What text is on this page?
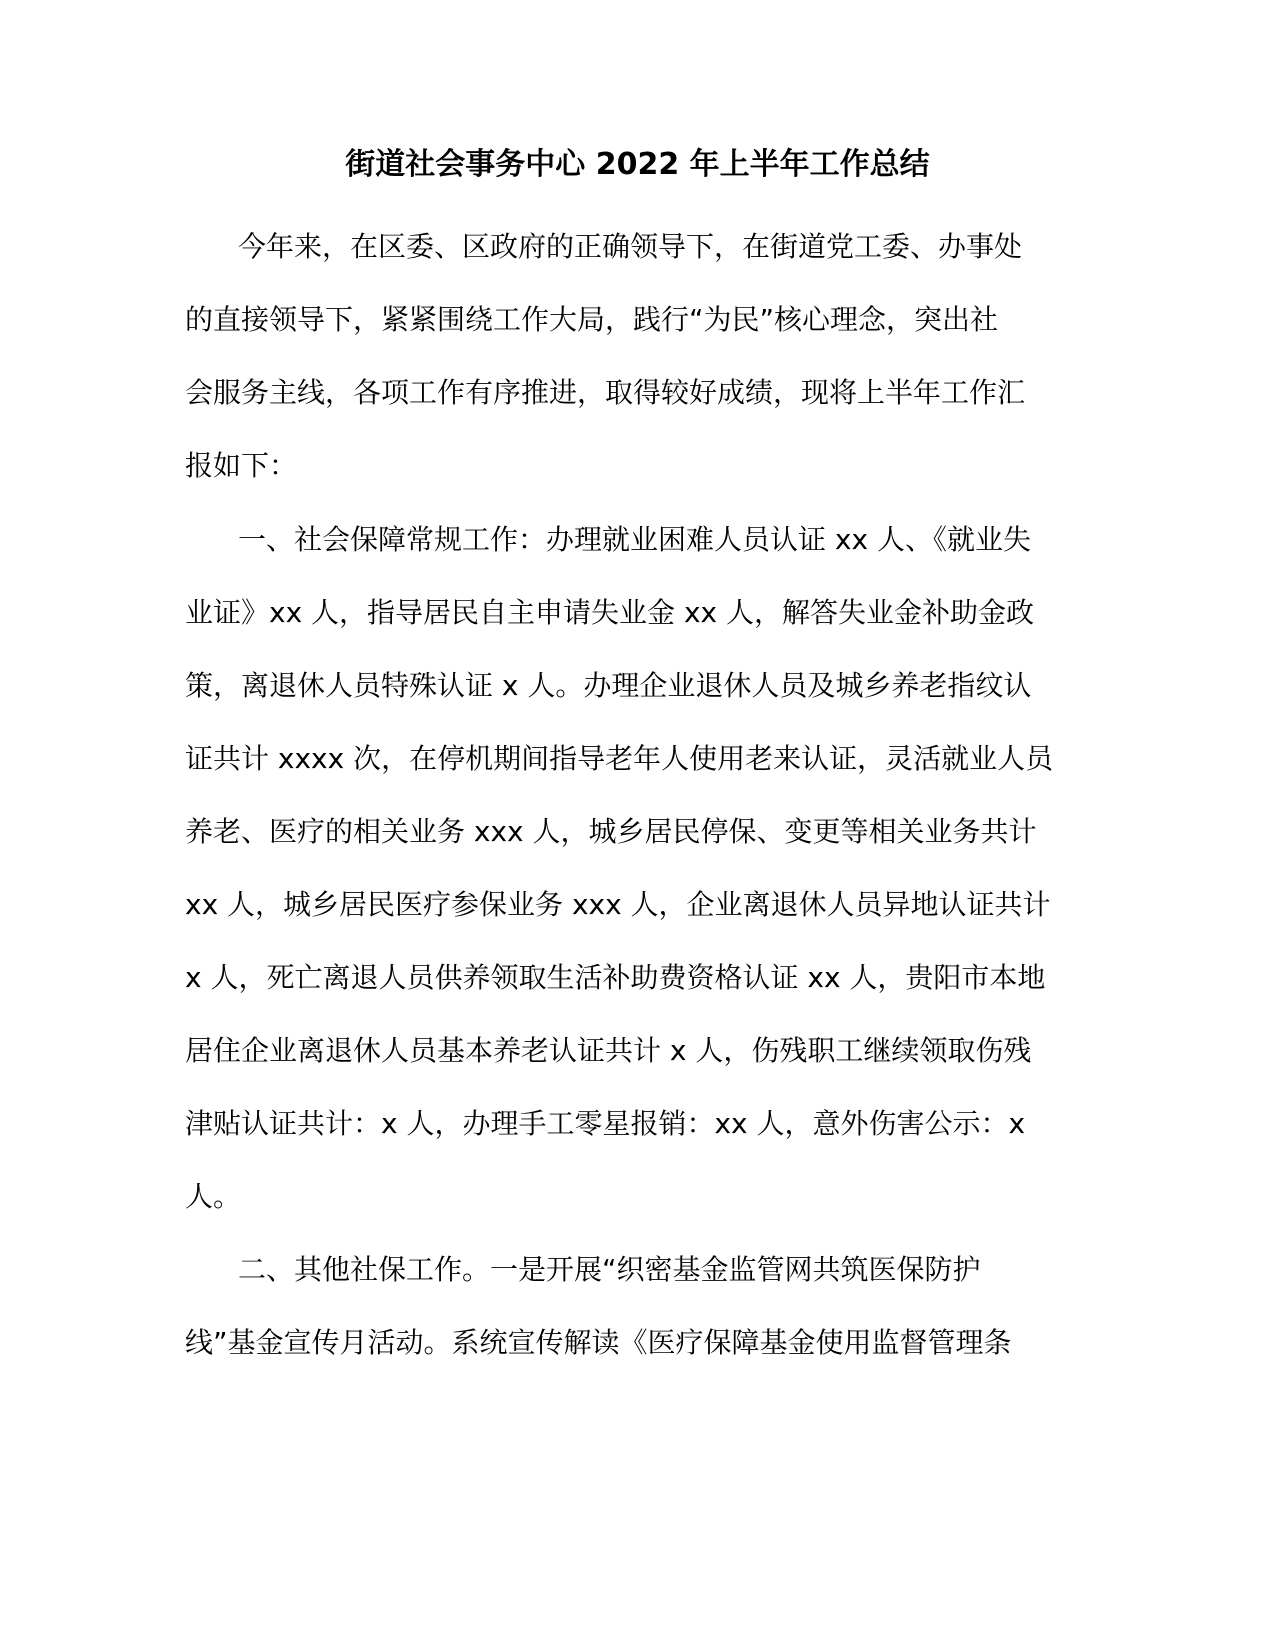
街道社会事务中心 2022 年上半年工作总结
今年来，在区委、区政府的正确领导下，在街道党工委、办事处
的直接领导下，紧紧围绕工作大局，践行“为民”核心理念，突出社
会服务主线，各项工作有序推进，取得较好成绩，现将上半年工作汇
报如下：
一、社会保障常规工作：办理就业困难人员认证 xx 人、《就业失
业证》xx 人，指导居民自主申请失业金 xx 人，解答失业金补助金政
策，离退休人员特殊认证 x 人。办理企业退休人员及城乡养老指纹认
证共计 xxxx 次，在停机期间指导老年人使用老来认证，灵活就业人员
养老、医疗的相关业务 xxx 人，城乡居民停保、变更等相关业务共计
xx 人，城乡居民医疗参保业务 xxx 人，企业离退休人员异地认证共计
x 人，死亡离退人员供养领取生活补助费资格认证 xx 人，贵阳市本地
居住企业离退休人员基本养老认证共计 x 人，伤残职工继续领取伤残
津贴认证共计：x 人，办理手工零星报销：xx 人，意外伤害公示：x
人。
二、其他社保工作。一是开展“织密基金监管网共筑医保防护
线”基金宣传月活动。系统宣传解读《医疗保障基金使用监督管理条
